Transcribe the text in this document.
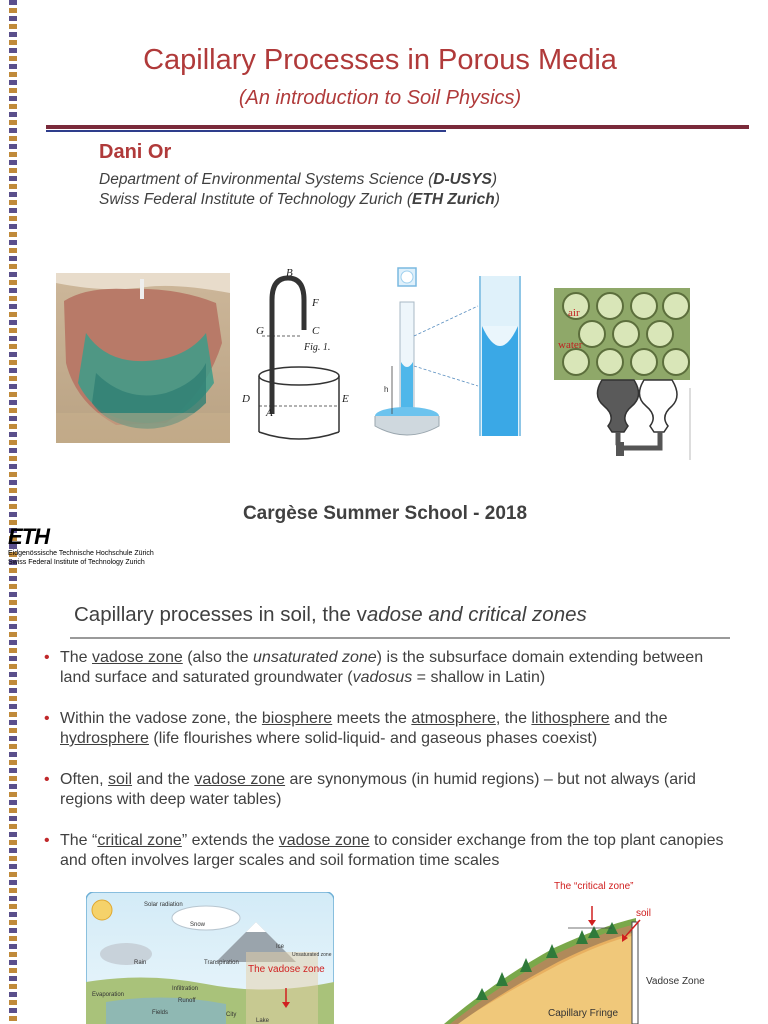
Capillary Processes in Porous Media
(An introduction to Soil Physics)
Dani Or
Department of Environmental Systems Science (D-USYS)
Swiss Federal Institute of Technology Zurich (ETH Zurich)
B
F
G	C
Fig. 1.
D
A
E
h
air
water
Cargèse Summer School - 2018
ETH
Eidgenössische Technische Hochschule Zürich
Swiss Federal Institute of Technology Zurich
Capillary processes in soil, the vadose and critical zones
• The vadose zone (also the unsaturated zone) is the subsurface domain extending between land surface and saturated groundwater (vadosus = shallow in Latin)
• Within the vadose zone, the biosphere meets the atmosphere, the lithosphere and the hydrosphere (life flourishes where solid-liquid- and gaseous phases coexist)
• Often, soil and the vadose zone are synonymous (in humid regions) – but not always (arid regions with deep water tables)
• The “critical zone” extends the vadose zone to consider exchange from the top plant canopies and often involves larger scales and soil formation time scales
Solar radiation
Snow
Ice
Transpiration
Unsaturated zone
Rain
The vadose zone
Evaporation
Infiltration
Runoff
Fields	City
Lake
The “critical zone”
soil
Vadose Zone
Capillary Fringe
